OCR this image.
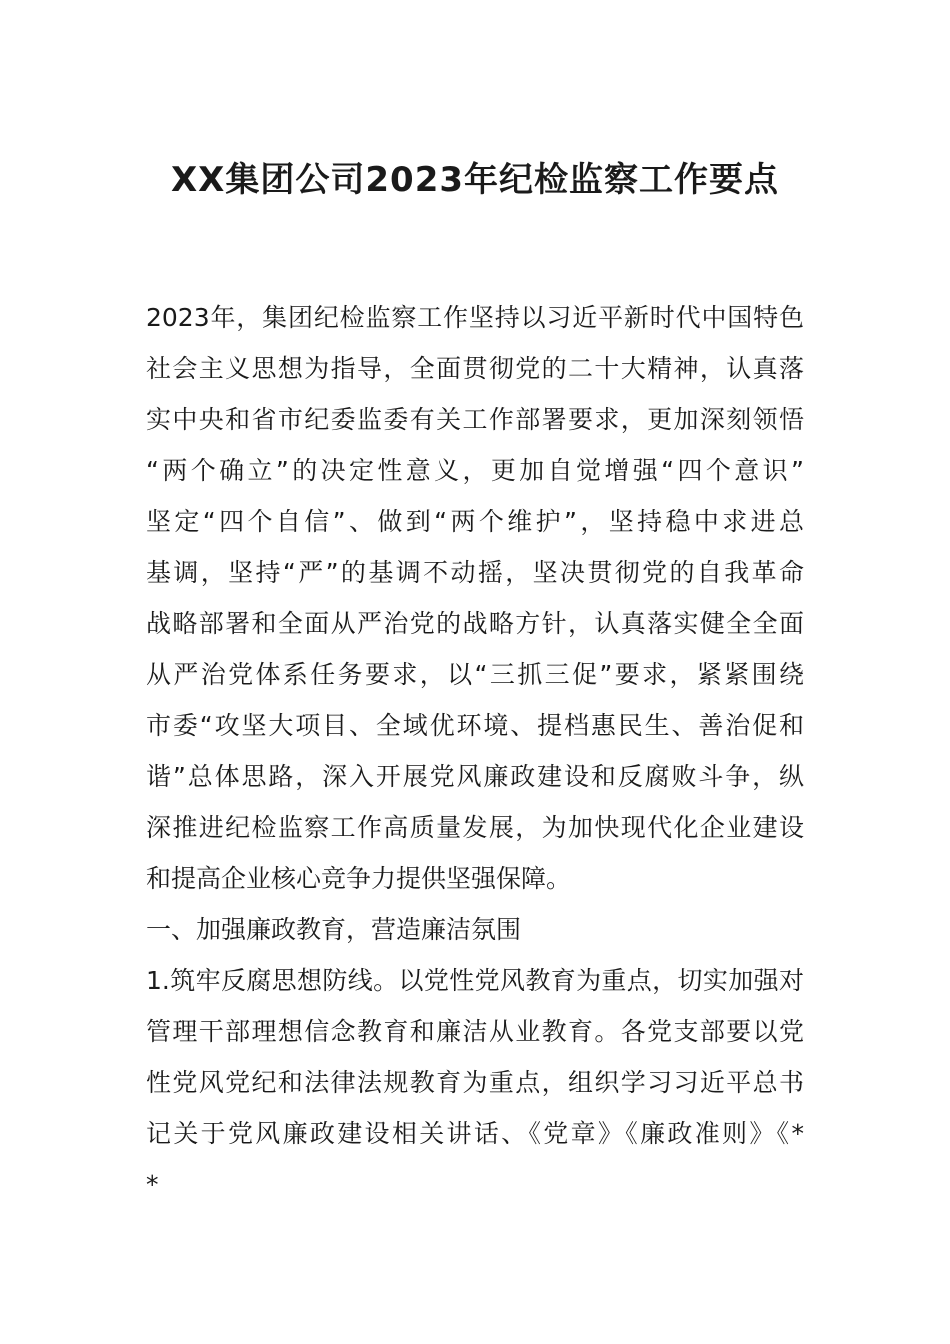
XX集团公司2023年纪检监察工作要点
2023年，集团纪检监察工作坚持以习近平新时代中国特色
社会主义思想为指导，全面贯彻党的二十大精神，认真落
实中央和省市纪委监委有关工作部署要求，更加深刻领悟
“两个确立”的决定性意义，更加自觉增强“四个意识”
坚定“四个自信”、做到“两个维护”，坚持稳中求进总
基调，坚持“严”的基调不动摇，坚决贯彻党的自我革命
战略部署和全面从严治党的战略方针，认真落实健全全面
从严治党体系任务要求，以“三抓三促”要求，紧紧围绕
市委“攻坚大项目、全域优环境、提档惠民生、善治促和
谐”总体思路，深入开展党风廉政建设和反腐败斗争，纵
深推进纪检监察工作高质量发展，为加快现代化企业建设
和提高企业核心竞争力提供坚强保障。
一、加强廉政教育，营造廉洁氛围
1.筑牢反腐思想防线。以党性党风教育为重点，切实加强对
管理干部理想信念教育和廉洁从业教育。各党支部要以党
性党风党纪和法律法规教育为重点，组织学习习近平总书
记关于党风廉政建设相关讲话、《党章》《廉政准则》《*
*
